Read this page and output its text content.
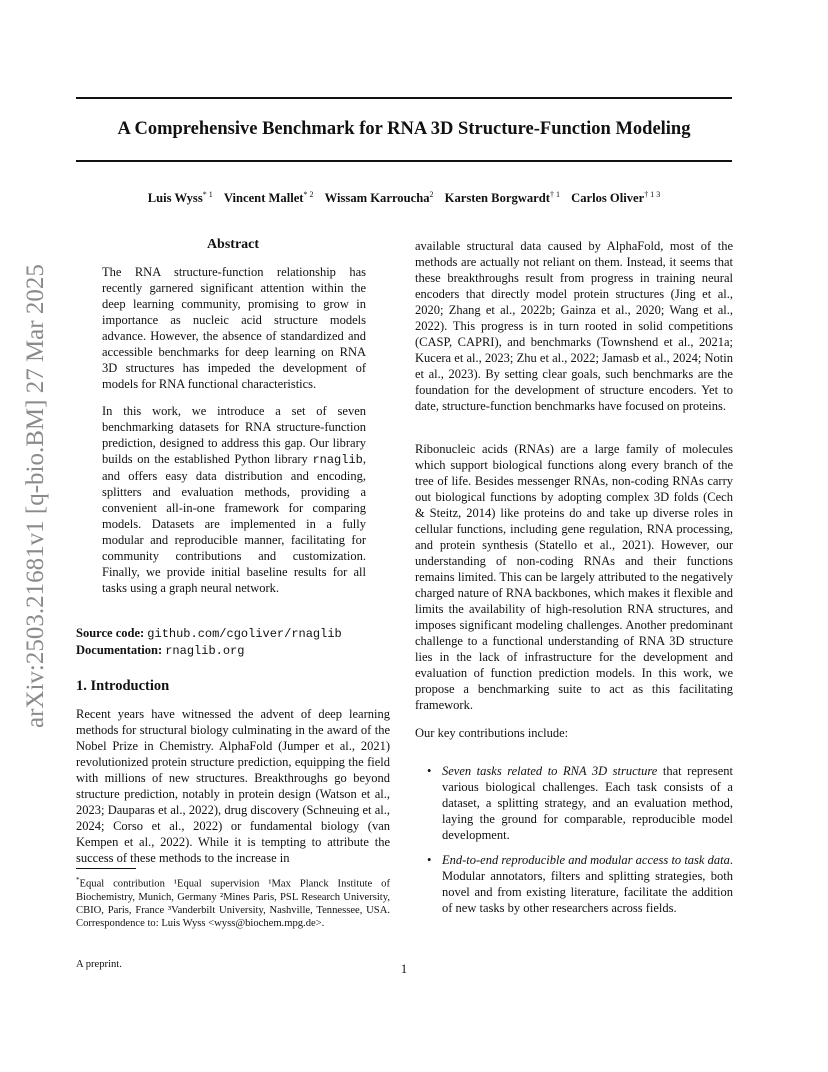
arXiv:2503.21681v1 [q-bio.BM] 27 Mar 2025
A Comprehensive Benchmark for RNA 3D Structure-Function Modeling
Luis Wyss$^{* 1}$ Vincent Mallet$^{* 2}$ Wissam Karroucha$^2$ Karsten Borgwardt$^{\dagger 1}$ Carlos Oliver$^{\dagger 1 3}$
Abstract

The RNA structure-function relationship has recently garnered significant attention within the deep learning community, promising to grow in importance as nucleic acid structure models advance. However, the absence of standardized and accessible benchmarks for deep learning on RNA 3D structures has impeded the development of models for RNA functional characteristics.

In this work, we introduce a set of seven benchmarking datasets for RNA structure-function prediction, designed to address this gap. Our library builds on the established Python library rnaglib, and offers easy data distribution and encoding, splitters and evaluation methods, providing a convenient all-in-one framework for comparing models. Datasets are implemented in a fully modular and reproducible manner, facilitating for community contributions and customization. Finally, we provide initial baseline results for all tasks using a graph neural network.

Source code: github.com/cgoliver/rnaglib
Documentation: rnaglib.org
1. Introduction

Recent years have witnessed the advent of deep learning methods for structural biology culminating in the award of the Nobel Prize in Chemistry. AlphaFold (Jumper et al., 2021) revolutionized protein structure prediction, equipping the field with millions of new structures. Breakthroughs go beyond structure prediction, notably in protein design (Watson et al., 2023; Dauparas et al., 2022), drug discovery (Schneuing et al., 2024; Corso et al., 2022) or fundamental biology (van Kempen et al., 2022). While it is tempting to attribute the success of these methods to the increase in

*Equal contribution ¹Equal supervision ¹Max Planck Institute of Biochemistry, Munich, Germany ²Mines Paris, PSL Research University, CBIO, Paris, France ³Vanderbilt University, Nashville, Tennessee, USA. Correspondence to: Luis Wyss <wyss@biochem.mpg.de>.

A preprint.

available structural data caused by AlphaFold, most of the methods are actually not reliant on them. Instead, it seems that these breakthroughs result from progress in training neural encoders that directly model protein structures (Jing et al., 2020; Zhang et al., 2022b; Gainza et al., 2020; Wang et al., 2022). This progress is in turn rooted in solid competitions (CASP, CAPRI), and benchmarks (Townshend et al., 2021a; Kucera et al., 2023; Zhu et al., 2022; Jamasb et al., 2024; Notin et al., 2023). By setting clear goals, such benchmarks are the foundation for the development of structure encoders. Yet to date, structure-function benchmarks have focused on proteins.

Ribonucleic acids (RNAs) are a large family of molecules which support biological functions along every branch of the tree of life. Besides messenger RNAs, non-coding RNAs carry out biological functions by adopting complex 3D folds (Cech & Steitz, 2014) like proteins do and take up diverse roles in cellular functions, including gene regulation, RNA processing, and protein synthesis (Statello et al., 2021). However, our understanding of non-coding RNAs and their functions remains limited. This can be largely attributed to the negatively charged nature of RNA backbones, which makes it flexible and limits the availability of high-resolution RNA structures, and imposes significant modeling challenges. Another predominant challenge to a functional understanding of RNA 3D structure lies in the lack of infrastructure for the development and evaluation of function prediction models. In this work, we propose a benchmarking suite to act as this facilitating framework.

Our key contributions include:

• Seven tasks related to RNA 3D structure that represent various biological challenges. Each task consists of a dataset, a splitting strategy, and an evaluation method, laying the ground for comparable, reproducible model development.

• End-to-end reproducible and modular access to task data. Modular annotators, filters and splitting strategies, both novel and from existing literature, facilitate the addition of new tasks by other researchers across fields.

1
